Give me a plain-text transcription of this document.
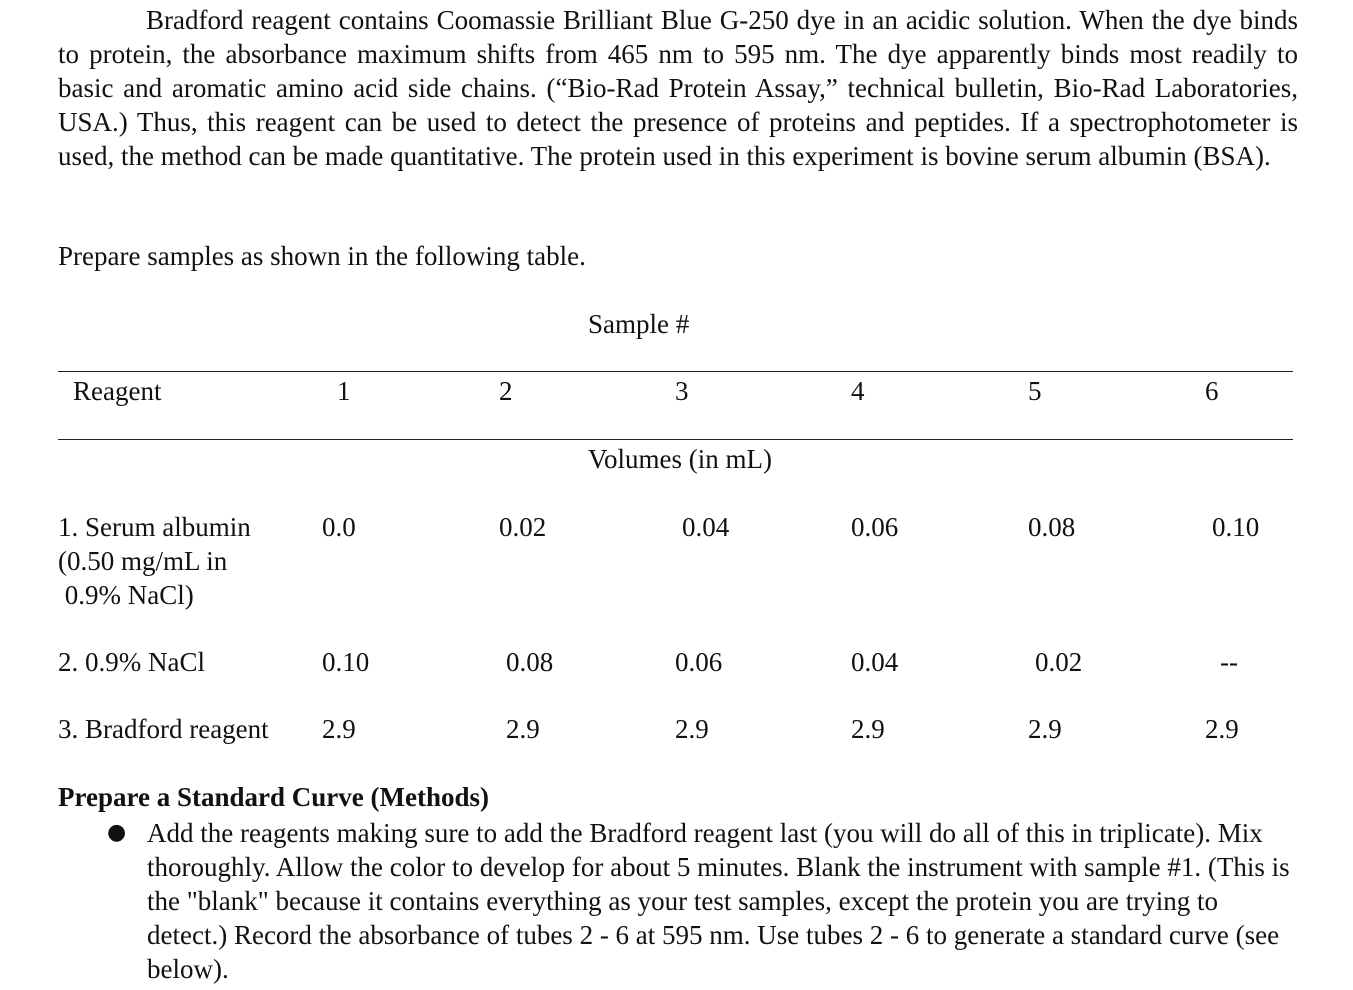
Bradford reagent contains Coomassie Brilliant Blue G-250 dye in an acidic solution. When the dye binds to protein, the absorbance maximum shifts from 465 nm to 595 nm. The dye apparently binds most readily to basic and aromatic amino acid side chains. (“Bio-Rad Protein Assay,” technical bulletin, Bio-Rad Laboratories, USA.) Thus, this reagent can be used to detect the presence of proteins and peptides. If a spectrophotometer is used, the method can be made quantitative. The protein used in this experiment is bovine serum albumin (BSA).

Prepare samples as shown in the following table.

Sample #
Reagent	1	2	3	4	5	6
Volumes (in mL)
1. Serum albumin
(0.50 mg/mL in
0.9% NaCl)
0.0	0.02	0.04	0.06	0.08	0.10
2. 0.9% NaCl	0.10	0.08	0.06	0.04	0.02	--
3. Bradford reagent 2.9	2.9	2.9	2.9	2.9	2.9

Prepare a Standard Curve (Methods)

● Add the reagents making sure to add the Bradford reagent last (you will do all of this in triplicate). Mix thoroughly. Allow the color to develop for about 5 minutes. Blank the instrument with sample #1. (This is the "blank" because it contains everything as your test samples, except the protein you are trying to detect.) Record the absorbance of tubes 2 - 6 at 595 nm. Use tubes 2 - 6 to generate a standard curve (see below).
